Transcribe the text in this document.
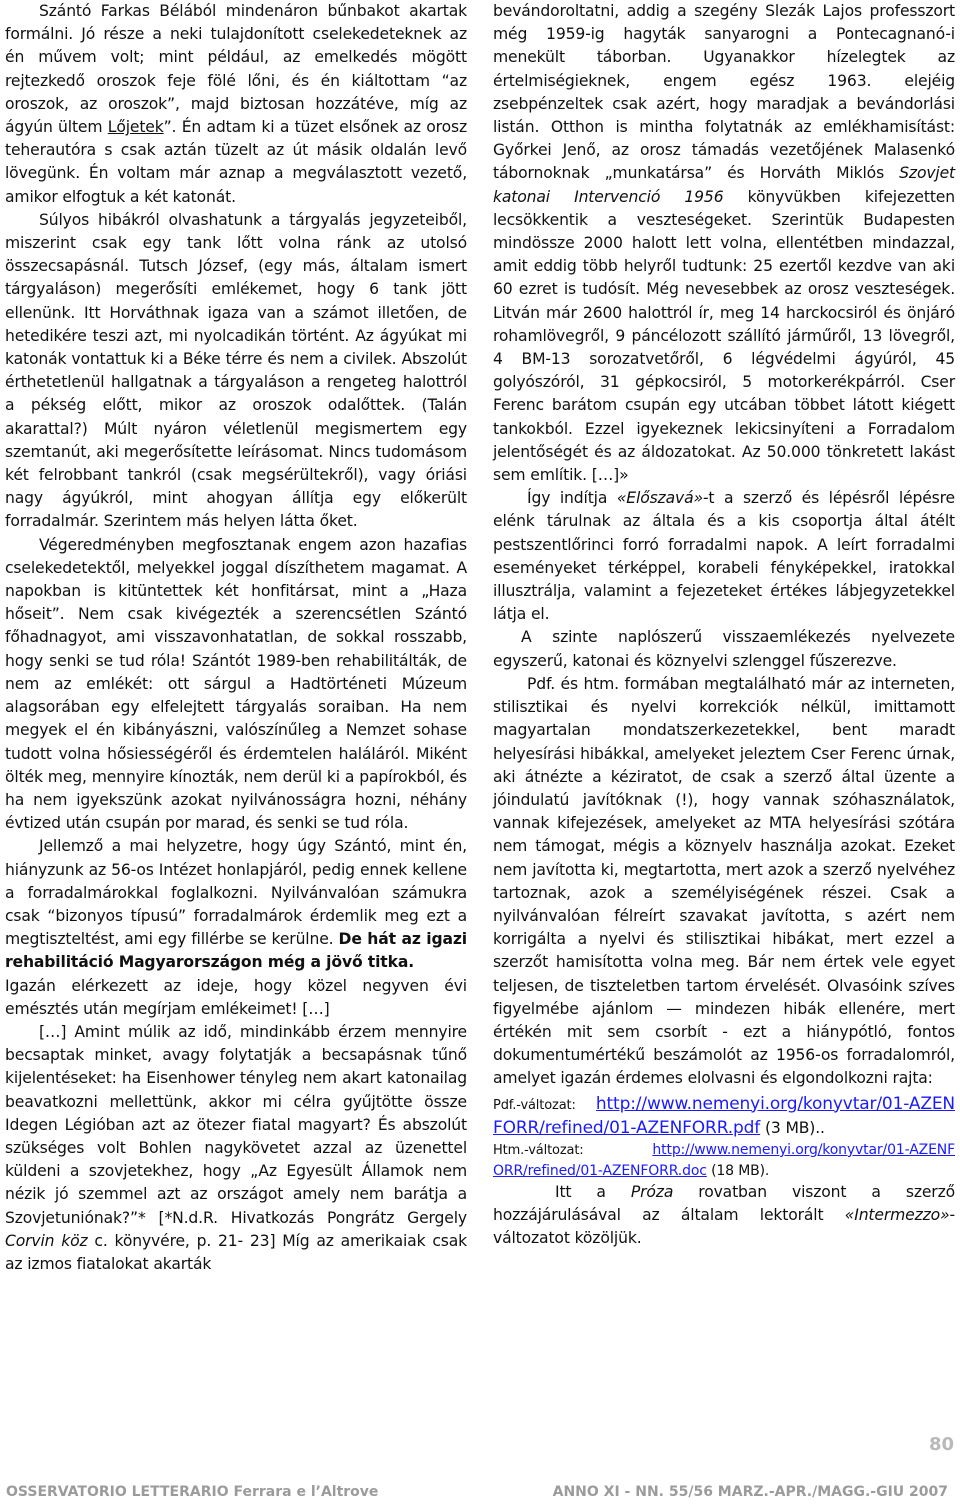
Szántó Farkas Bélából mindenáron bűnbakot akartak formálni. Jó része a neki tulajdonított cselekedeteknek az én művem volt; mint például, az emelkedés mögött rejtezkedő oroszok feje fölé lőni, és én kiáltottam “az oroszok, az oroszok”, majd biztosan hozzátéve, míg az ágyún ültem Lőjetek”. Én adtam ki a tüzet elsőnek az orosz teherautóra s csak aztán tüzelt az út másik oldalán levő lövegünk. Én voltam már aznap a megválasztott vezető, amikor elfogtuk a két katonát.

Súlyos hibákról olvashatunk a tárgyalás jegyzeteiből, miszerint csak egy tank lőtt volna ránk az utolsó összecsapásnál. Tutsch József, (egy más, általam ismert tárgyaláson) megerősíti emlékemet, hogy 6 tank jött ellenünk. Itt Horváthnak igaza van a számot illetően, de hetedikére teszi azt, mi nyolcadikán történt. Az ágyúkat mi katonák vontattuk ki a Béke térre és nem a civilek. Abszolút érthetetlenül hallgatnak a tárgyaláson a rengeteg halottról a pékség előtt, mikor az oroszok odalőttek. (Talán akarattal?) Múlt nyáron véletlenül megismertem egy szemtanút, aki megerősítette leírásomat. Nincs tudomásom két felrobbant tankról (csak megsérültekről), vagy óriási nagy ágyúkról, mint ahogyan állítja egy előkerült forradalmár. Szerintem más helyen látta őket.

Végeredményben megfosztanak engem azon hazafias cselekedetektől, melyekkel joggal díszíthetem magamat. A napokban is kitüntettek két honfitársat, mint a „Haza hőseit”. Nem csak kivégezték a szerencsétlen Szántó főhadnagyot, ami visszavonhatatlan, de sokkal rosszabb, hogy senki se tud róla! Szántót 1989-ben rehabilitálták, de nem az emlékét: ott sárgul a Hadtörténeti Múzeum alagsorában egy elfelejtett tárgyalás soraiban. Ha nem megyek el én kibányászni, valószínűleg a Nemzet sohase tudott volna hősiességéről és érdemtelen haláláról. Miként ölték meg, mennyire kínozták, nem derül ki a papírokból, és ha nem igyekszünk azokat nyilvánosságra hozni, néhány évtized után csupán por marad, és senki se tud róla.

Jellemző a mai helyzetre, hogy úgy Szántó, mint én, hiányzunk az 56-os Intézet honlapjáról, pedig ennek kellene a forradalmárokkal foglalkozni. Nyilvánvalóan számukra csak “bizonyos típusú” forradalmárok érdemlik meg ezt a megtiszteltést, ami egy fillérbe se kerülne. De hát az igazi rehabilitáció Magyarországon még a jövő titka.

Igazán elérkezett az ideje, hogy közel negyven évi emésztés után megírjam emlékeimet! […]

[…] Amint múlik az idő, mindinkább érzem mennyire becsaptak minket, avagy folytatják a becsapásnak tűnő kijelentéseket: ha Eisenhower tényleg nem akart katonailag beavatkozni mellettünk, akkor mi célra gyűjtötte össze Idegen Légióban azt az ötezer fiatal magyart? És abszolút szükséges volt Bohlen nagykövetet azzal az üzenettel küldeni a szovjetekhez, hogy „Az Egyesült Államok nem nézik jó szemmel azt az országot amely nem barátja a Szovjetuniónak?”* [*N.d.R. Hivatkozás Pongrátz Gergely Corvin köz c. könyvére, p. 21- 23] Míg az amerikaiak csak az izmos fiatalokat akarták

bevándoroltatni, addig a szegény Slezák Lajos professzort még 1959-ig hagyták sanyarogni a Pontecagnanó-i menekült táborban. Ugyanakkor hízelegtek az értelmiségieknek, engem egész 1963. elejéig zsebpénzeltek csak azért, hogy maradjak a bevándorlási listán. Otthon is mintha folytatnák az emlékhamisítást: Győrkei Jenő, az orosz támadás vezetőjének Malasenkó tábornoknak „munkatársa” és Horváth Miklós Szovjet katonai Intervenció 1956 könyvükben kifejezetten lecsökkentik a veszteségeket. Szerintük Budapesten mindössze 2000 halott lett volna, ellentétben mindazzal, amit eddig több helyről tudtunk: 25 ezertől kezdve van aki 60 ezret is tudósít. Még nevesebbek az orosz veszteségek. Litván már 2600 halottról ír, meg 14 harckocsiról és önjáró rohamlövegről, 9 páncélozott szállító járműről, 13 lövegről, 4 BM-13 sorozatvetőről, 6 légvédelmi ágyúról, 45 golyószóról, 31 gépkocsiról, 5 motorkerékpárról. Cser Ferenc barátom csupán egy utcában többet látott kiégett tankokból. Ezzel igyekeznek lekicsinyíteni a Forradalom jelentőségét és az áldozatokat. Az 50.000 tönkretett lakást sem említik. […]»

Így indítja «Előszavá»-t a szerző és lépésről lépésre elénk tárulnak az általa és a kis csoportja által átélt pestszentlőrinci forró forradalmi napok. A leírt forradalmi eseményeket térképpel, korabeli fényképekkel, iratokkal illusztrálja, valamint a fejezeteket értékes lábjegyzetekkel látja el.

A szinte naplószerű visszaemlékezés nyelvezete egyszerű, katonai és köznyelvi szlenggel fűszerezve.

Pdf. és htm. formában megtalálható már az interneten, stilisztikai és nyelvi korrekciók nélkül, imittamott magyartalan mondatszerkezetekkel, bent maradt helyesírási hibákkal, amelyeket jeleztem Cser Ferenc úrnak, aki átnézte a kéziratot, de csak a szerző által üzente a jóindulatú javítóknak (!), hogy vannak szóhasználatok, vannak kifejezések, amelyeket az MTA helyesírási szótára nem támogat, mégis a köznyelv használja azokat. Ezeket nem javította ki, megtartotta, mert azok a szerző nyelvéhez tartoznak, azok a személyiségének részei. Csak a nyilvánvalóan félreírt szavakat javította, s azért nem korrigálta a nyelvi és stilisztikai hibákat, mert ezzel a szerzőt hamisította volna meg. Bár nem értek vele egyet teljesen, de tiszteletben tartom érvelését. Olvasóink szíves figyelmébe ajánlom — mindezen hibák ellenére, mert értékén mit sem csorbít - ezt a hiánypótló, fontos dokumentumértékű beszámolót az 1956-os forradalomról, amelyet igazán érdemes elolvasni és elgondolkozni rajta:

Pdf.-változat: http://www.nemenyi.org/konyvtar/01-AZENFORR/refined/01-AZENFORR.pdf (3 MB)..
Htm.-változat:	http://www.nemenyi.org/konyvtar/01-AZENFORR/refined/01-AZENFORR.doc (18 MB).

Itt a Próza rovatban viszont a szerző hozzájárulásával az általam lektorált «Intermezzo»-változatot közöljük.

80
OSSERVATORIO LETTERARIO Ferrara e l’Altrove	ANNO XI - NN. 55/56 MARZ.-APR./MAGG.-GIU 2007
